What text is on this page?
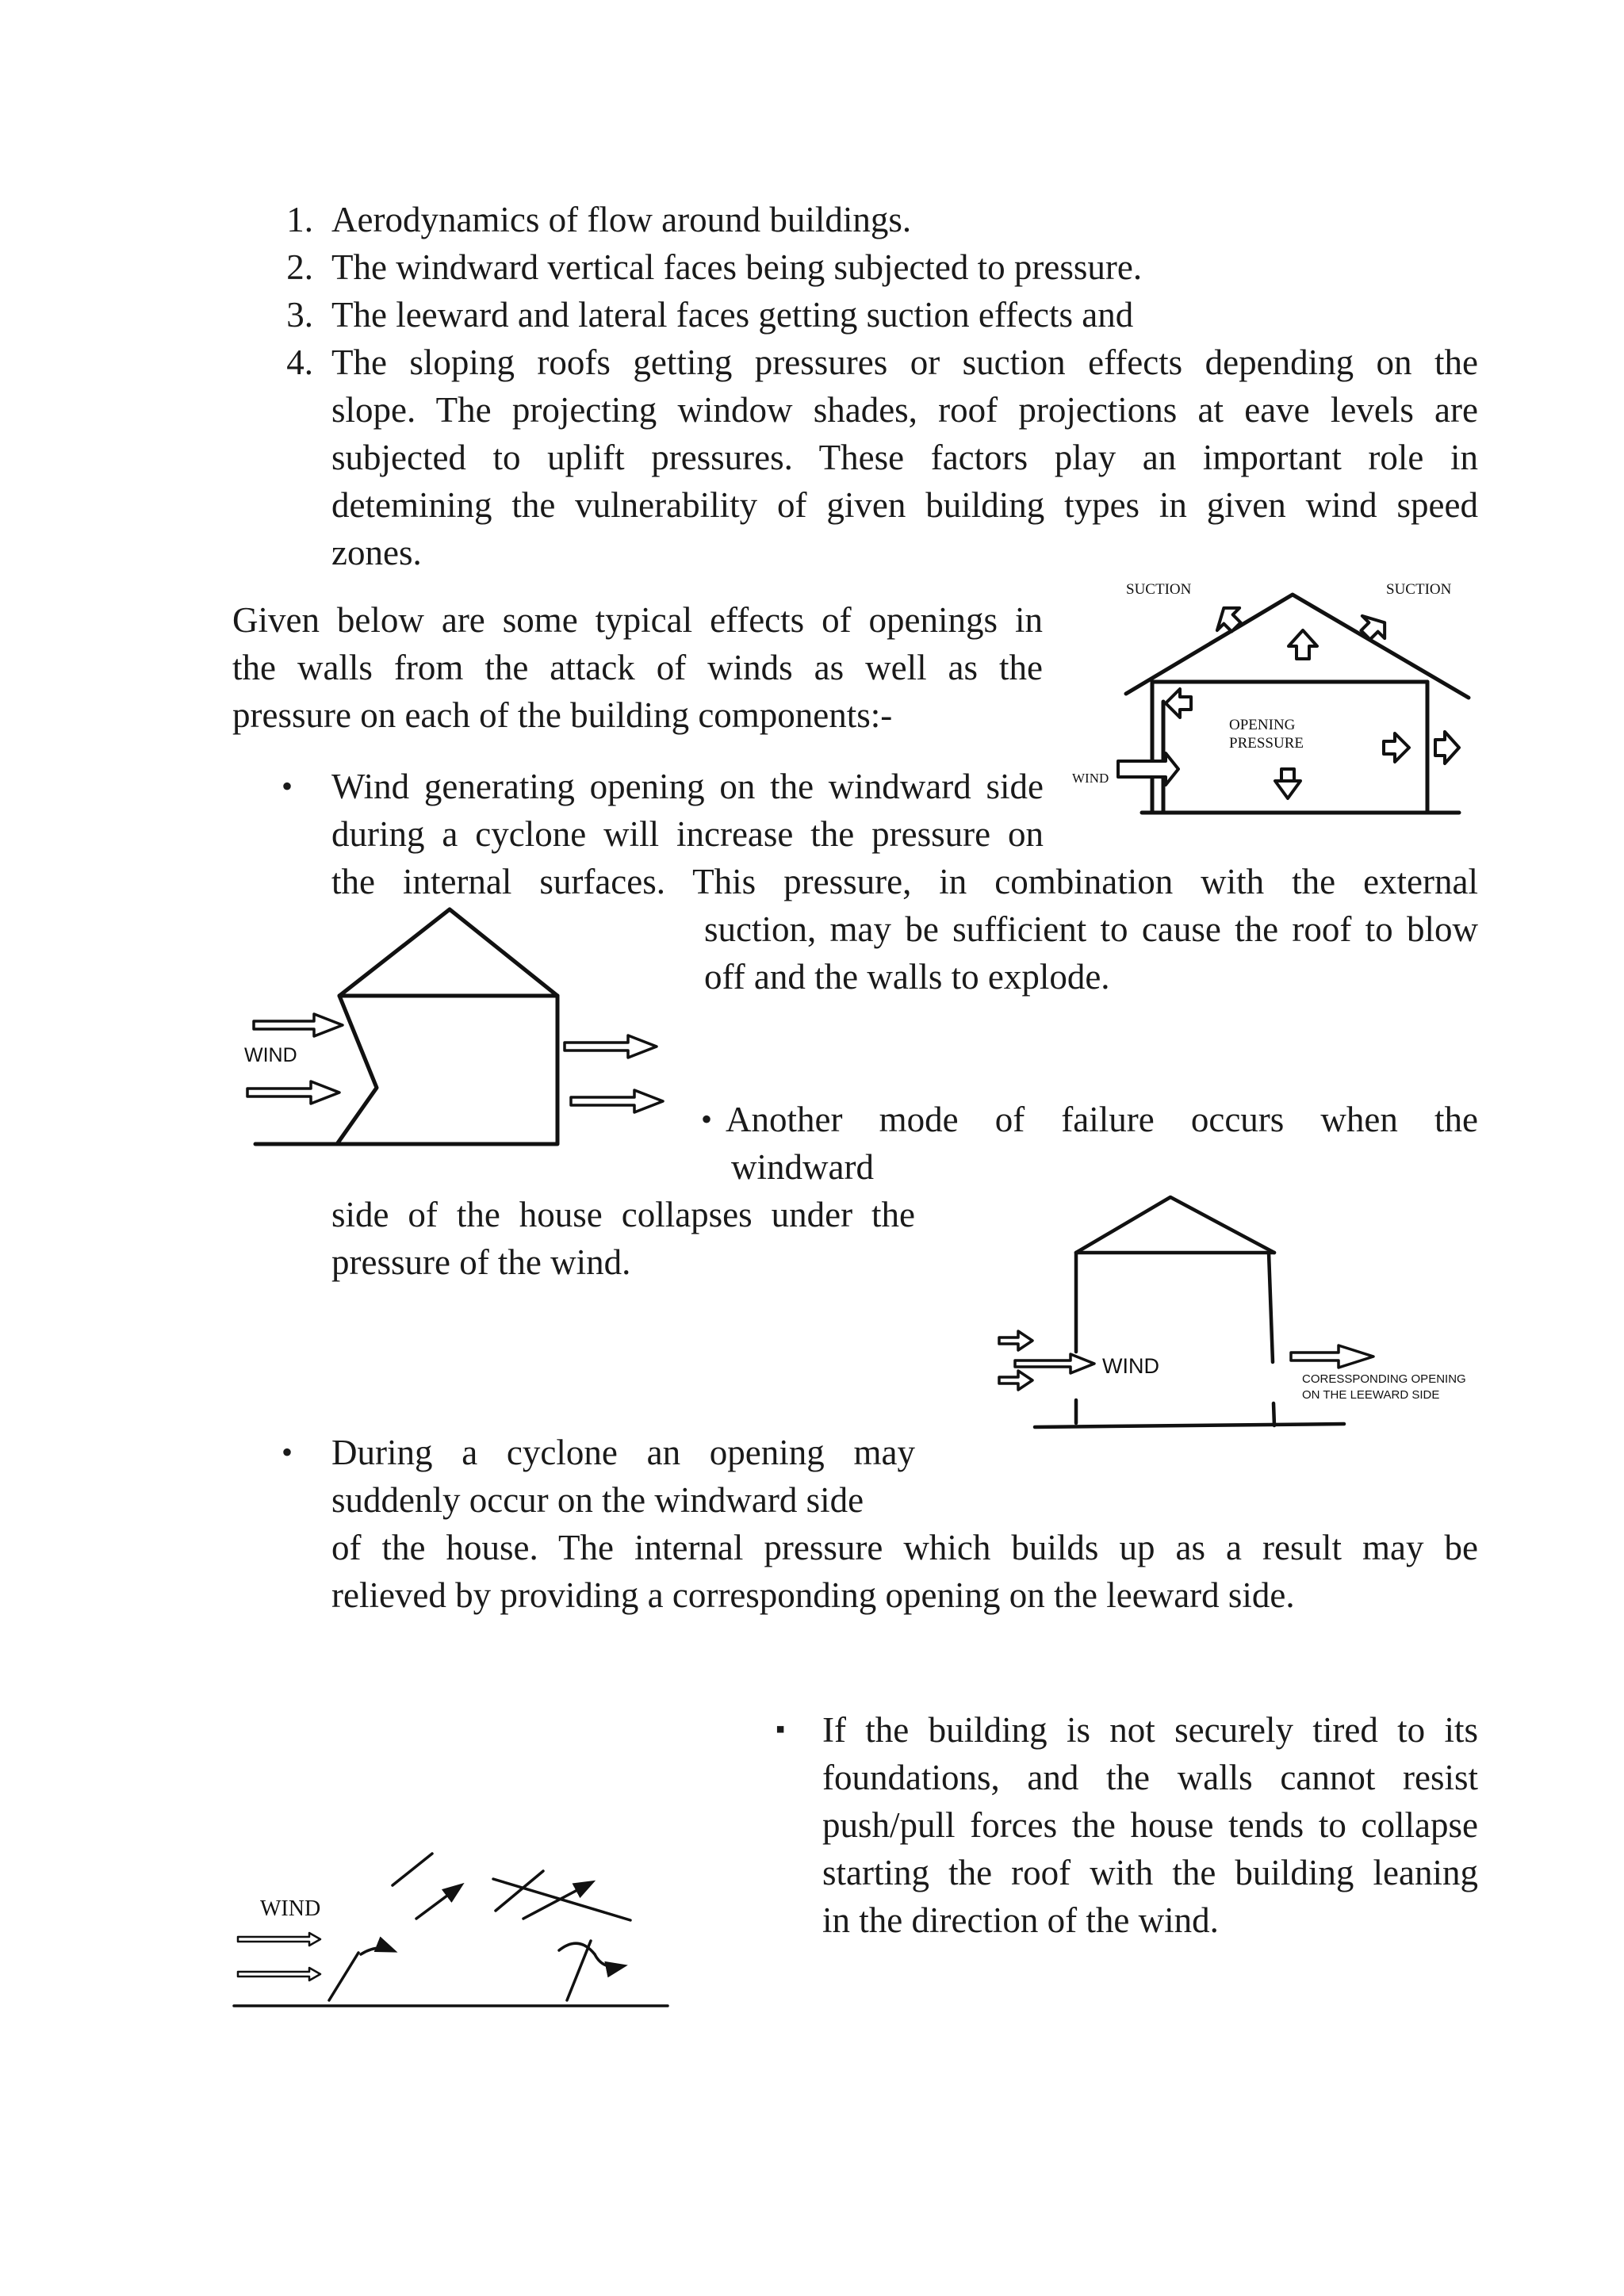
1. Aerodynamics of flow around buildings.
2. The windward vertical faces being subjected to pressure.
3. The leeward and lateral faces getting suction effects and
4. The sloping roofs getting pressures or suction effects depending on the
slope. The projecting window shades, roof projections at eave levels are
subjected to uplift pressures. These factors play an important role in
detemining the vulnerability of given building types in given wind speed
zones.
Given below are some typical effects of openings in
the walls from the attack of winds as well as the
pressure on each of the building components:-
SUCTION	SUCTION
OPENING
PRESSURE
WIND
• Wind generating opening on the windward side
during a cyclone will increase the pressure on
the internal surfaces. This pressure, in combination with the external
suction, may be sufficient to cause the roof to blow
off and the walls to explode.
WIND
• Another mode of failure occurs when the
windward
side of the house collapses under the
pressure of the wind.
WIND
CORESSPONDING OPENING
ON THE LEEWARD SIDE
• During a cyclone an opening may
suddenly occur on the windward side
of the house. The internal pressure which builds up as a result may be
relieved by providing a corresponding opening on the leeward side.
▪ If the building is not securely tired to its
foundations, and the walls cannot resist
push/pull forces the house tends to collapse
starting the roof with the building leaning
in the direction of the wind.
WIND
